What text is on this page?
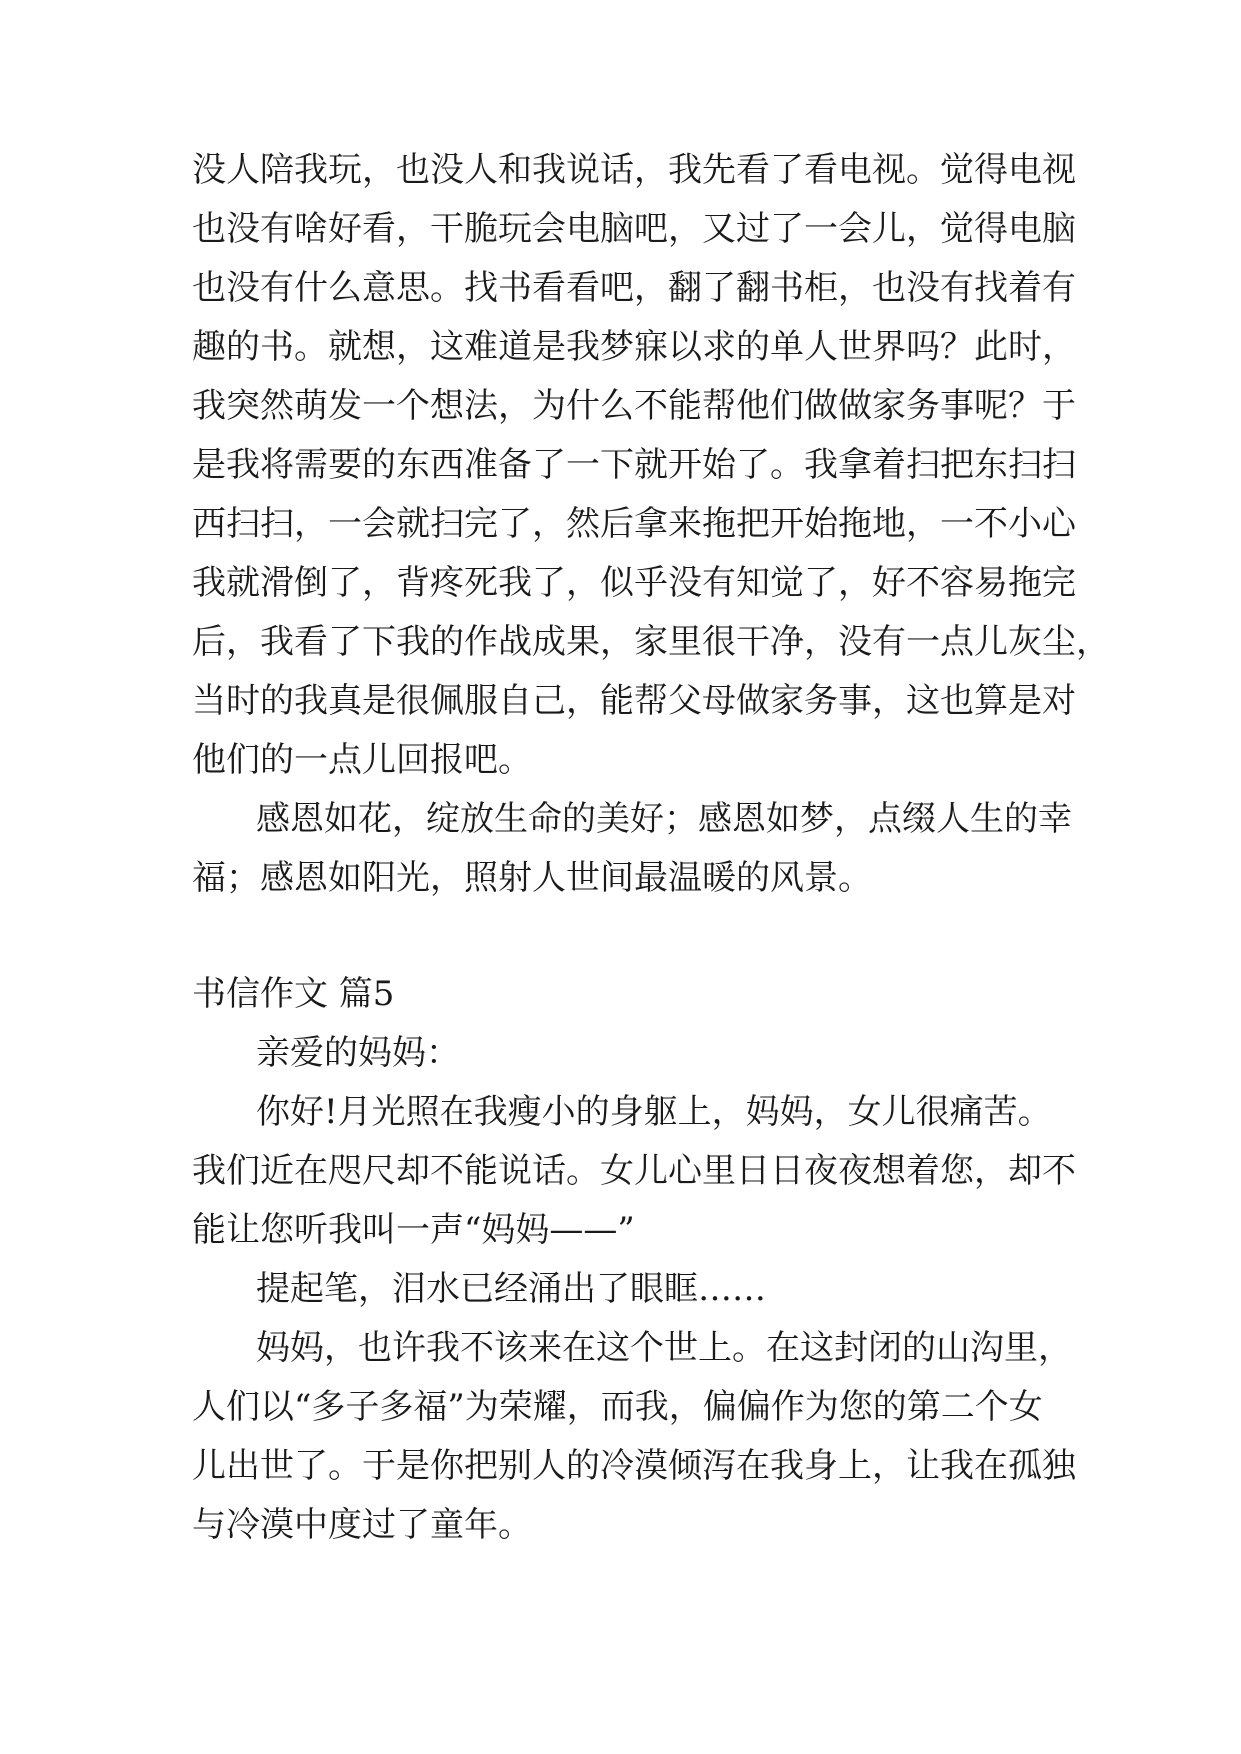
没人陪我玩，也没人和我说话，我先看了看电视。觉得电视
也没有啥好看，干脆玩会电脑吧，又过了一会儿，觉得电脑
也没有什么意思。找书看看吧，翻了翻书柜，也没有找着有
趣的书。就想，这难道是我梦寐以求的单人世界吗？此时，
我突然萌发一个想法，为什么不能帮他们做做家务事呢？于
是我将需要的东西准备了一下就开始了。我拿着扫把东扫扫
西扫扫，一会就扫完了，然后拿来拖把开始拖地，一不小心
我就滑倒了，背疼死我了，似乎没有知觉了，好不容易拖完
后，我看了下我的作战成果，家里很干净，没有一点儿灰尘，
当时的我真是很佩服自己，能帮父母做家务事，这也算是对
他们的一点儿回报吧。
感恩如花，绽放生命的美好；感恩如梦，点缀人生的幸
福；感恩如阳光，照射人世间最温暖的风景。
书信作文 篇5
亲爱的妈妈：
你好!月光照在我瘦小的身躯上，妈妈，女儿很痛苦。
我们近在咫尺却不能说话。女儿心里日日夜夜想着您，却不
能让您听我叫一声“妈妈——”
提起笔，泪水已经涌出了眼眶……
妈妈，也许我不该来在这个世上。在这封闭的山沟里，
人们以“多子多福”为荣耀，而我，偏偏作为您的第二个女
儿出世了。于是你把别人的冷漠倾泻在我身上，让我在孤独
与冷漠中度过了童年。
